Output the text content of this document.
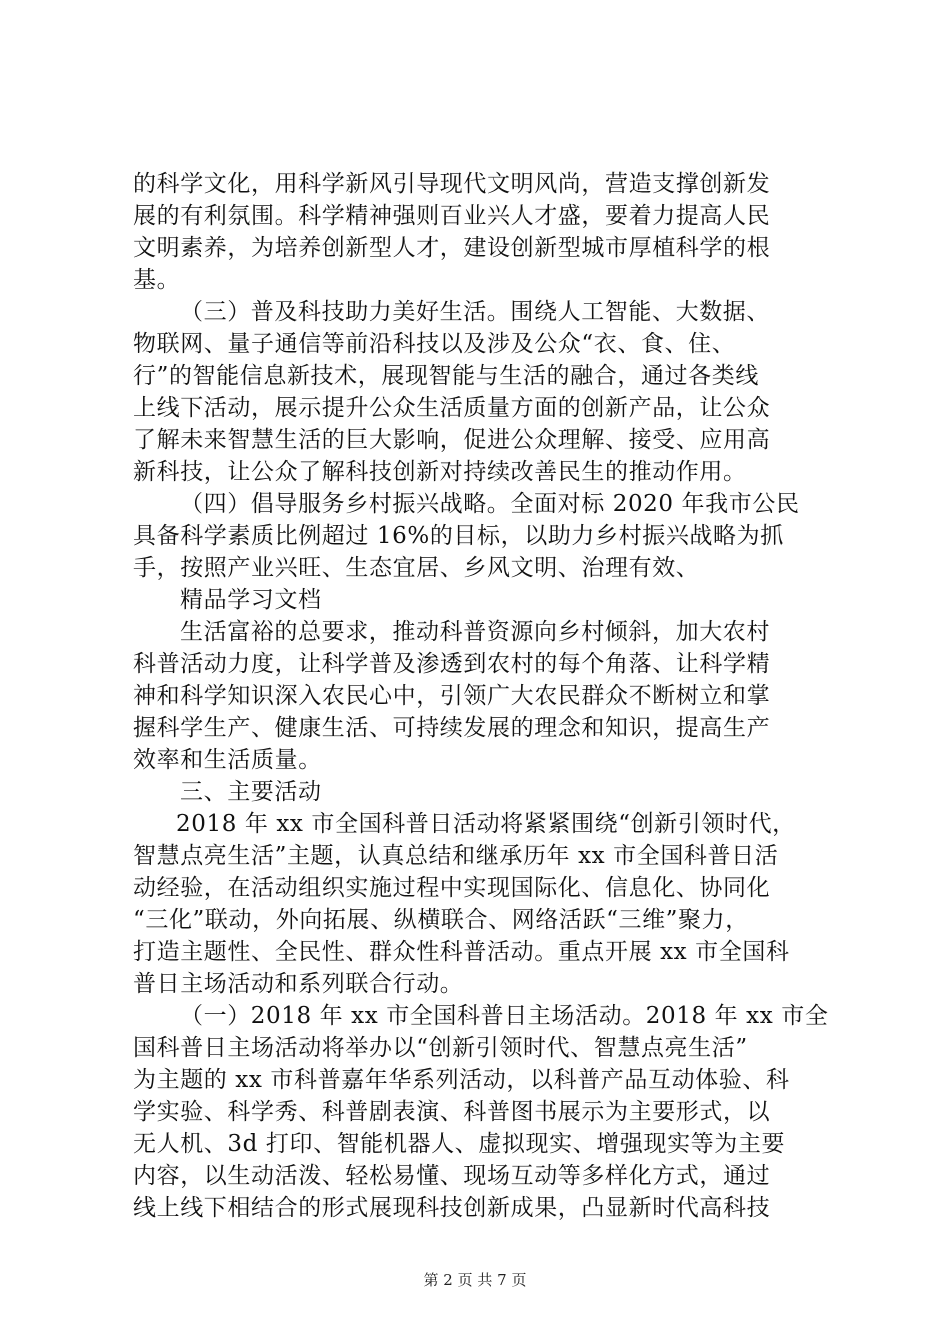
的科学文化，用科学新风引导现代文明风尚，营造支撑创新发
展的有利氛围。科学精神强则百业兴人才盛，要着力提高人民
文明素养，为培养创新型人才，建设创新型城市厚植科学的根
基。
（三）普及科技助力美好生活。围绕人工智能、大数据、
物联网、量子通信等前沿科技以及涉及公众“衣、食、住、
行”的智能信息新技术，展现智能与生活的融合，通过各类线
上线下活动，展示提升公众生活质量方面的创新产品，让公众
了解未来智慧生活的巨大影响，促进公众理解、接受、应用高
新科技，让公众了解科技创新对持续改善民生的推动作用。
（四）倡导服务乡村振兴战略。全面对标 2020 年我市公民
具备科学素质比例超过 16%的目标，以助力乡村振兴战略为抓
手，按照产业兴旺、生态宜居、乡风文明、治理有效、
精品学习文档
生活富裕的总要求，推动科普资源向乡村倾斜，加大农村
科普活动力度，让科学普及渗透到农村的每个角落、让科学精
神和科学知识深入农民心中，引领广大农民群众不断树立和掌
握科学生产、健康生活、可持续发展的理念和知识，提高生产
效率和生活质量。
三、主要活动
2018 年 xx 市全国科普日活动将紧紧围绕“创新引领时代，
智慧点亮生活”主题，认真总结和继承历年 xx 市全国科普日活
动经验，在活动组织实施过程中实现国际化、信息化、协同化
“三化”联动，外向拓展、纵横联合、网络活跃“三维”聚力，
打造主题性、全民性、群众性科普活动。重点开展 xx 市全国科
普日主场活动和系列联合行动。
（一）2018 年 xx 市全国科普日主场活动。2018 年 xx 市全
国科普日主场活动将举办以“创新引领时代、智慧点亮生活”
为主题的 xx 市科普嘉年华系列活动，以科普产品互动体验、科
学实验、科学秀、科普剧表演、科普图书展示为主要形式，以
无人机、3d 打印、智能机器人、虚拟现实、增强现实等为主要
内容，以生动活泼、轻松易懂、现场互动等多样化方式，通过
线上线下相结合的形式展现科技创新成果，凸显新时代高科技
第 2 页 共 7 页
